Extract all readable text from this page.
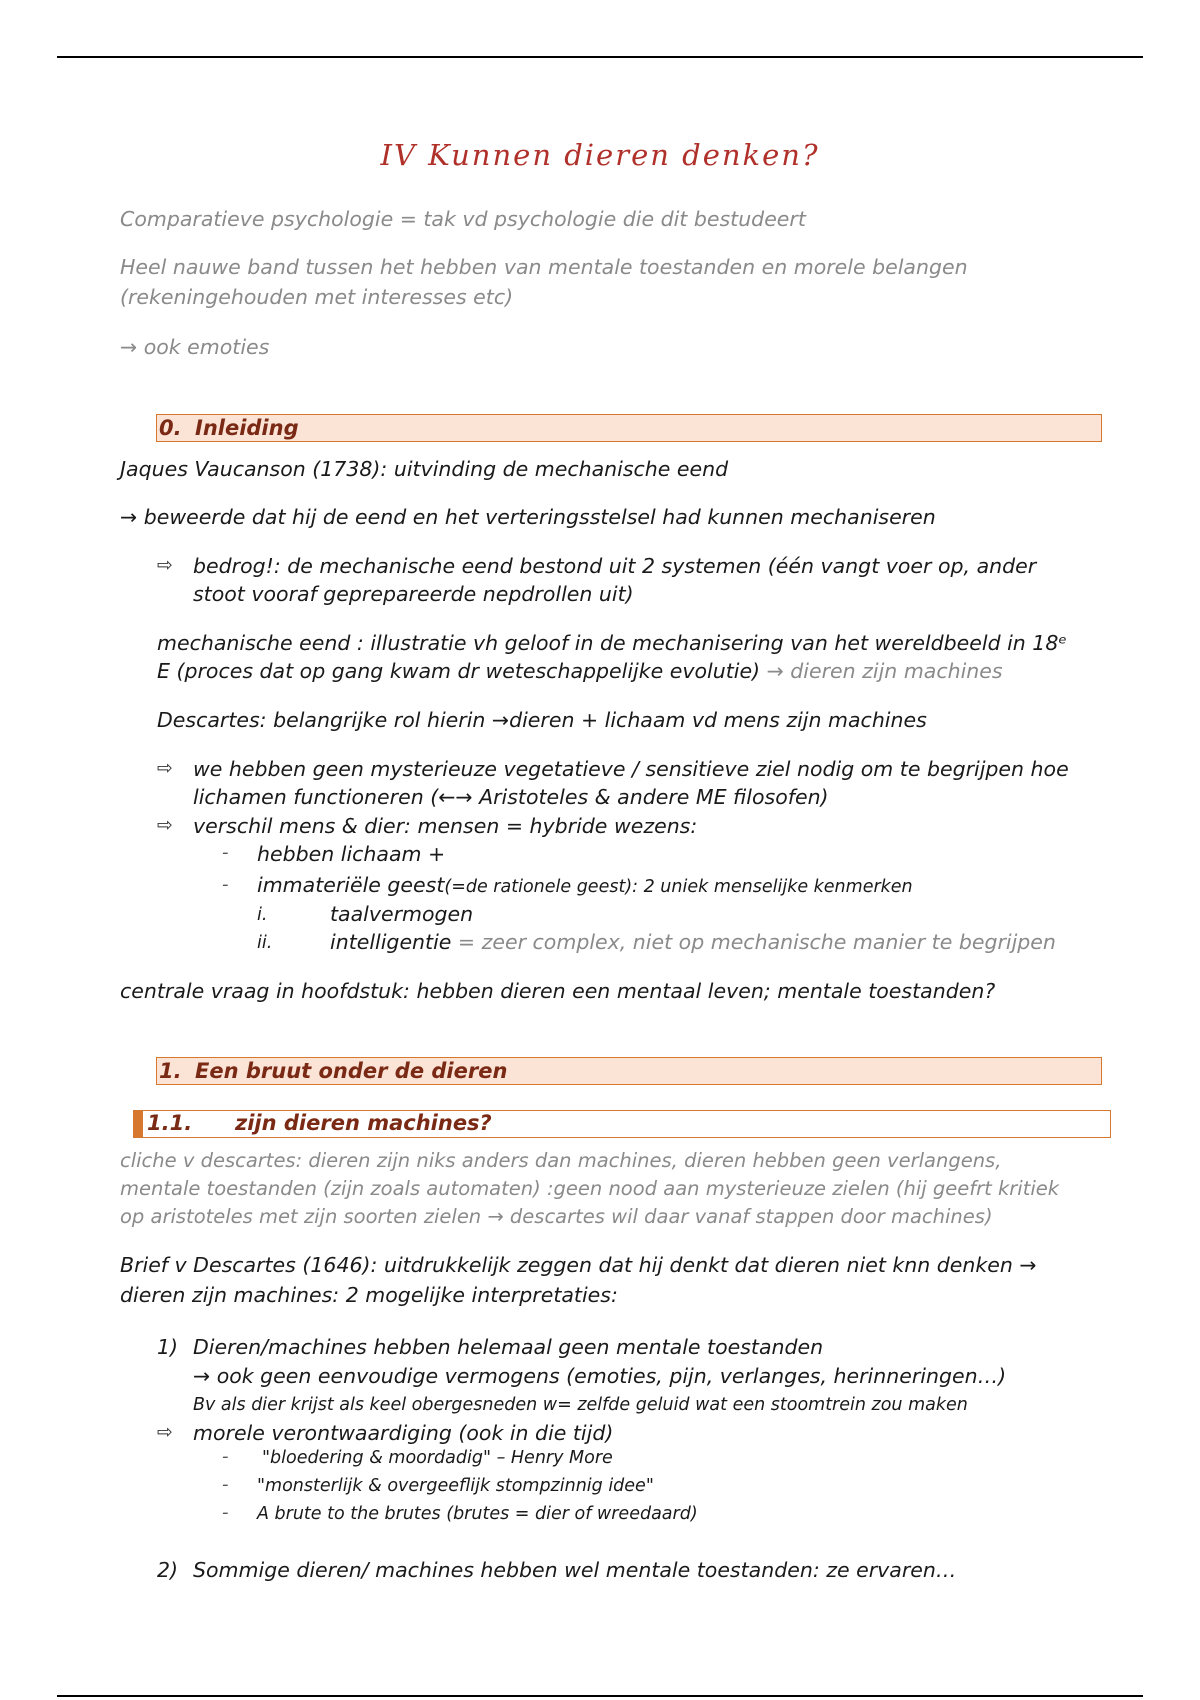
IV Kunnen dieren denken?
Comparatieve psychologie = tak vd psychologie die dit bestudeert
Heel nauwe band tussen het hebben van mentale toestanden en morele belangen
(rekeningehouden met interesses etc)
→ ook emoties
0. Inleiding
Jaques Vaucanson (1738): uitvinding de mechanische eend
→ beweerde dat hij de eend en het verteringsstelsel had kunnen mechaniseren
⇨ bedrog!: de mechanische eend bestond uit 2 systemen (één vangt voer op, ander
stoot vooraf gepreparеerde nepdrollen uit)
mechanische eend : illustratie vh geloof in de mechanisering van het wereldbeeld in 18ᵉ
E (proces dat op gang kwam dr weteschappelijke evolutie) → dieren zijn machines
Descartes: belangrijke rol hierin →dieren + lichaam vd mens zijn machines
⇨ we hebben geen mysterieuze vegetatieve / sensitieve ziel nodig om te begrijpen hoe
lichamen functioneren (←→ Aristoteles & andere ME filosofen)
⇨ verschil mens & dier: mensen = hybride wezens:
- hebben lichaam +
- immateriële geest(=de rationele geest): 2 uniek menselijke kenmerken
i.	taalvermogen
ii.	intelligentie = zeer complex, niet op mechanische manier te begrijpen
centrale vraag in hoofdstuk: hebben dieren een mentaal leven; mentale toestanden?
1. Een bruut onder de dieren
1.1. zijn dieren machines?
cliche v descartes: dieren zijn niks anders dan machines, dieren hebben geen verlangens,
mentale toestanden (zijn zoals automaten) :geen nood aan mysterieuze zielen (hij geefrt kritiek
op aristoteles met zijn soorten zielen → descartes wil daar vanaf stappen door machines)
Brief v Descartes (1646): uitdrukkelijk zeggen dat hij denkt dat dieren niet knn denken →
dieren zijn machines: 2 mogelijke interpretaties:
1) Dieren/machines hebben helemaal geen mentale toestanden
→ ook geen eenvoudige vermogens (emoties, pijn, verlanges, herinneringen…)
Bv als dier krijst als keel obergesneden w= zelfde geluid wat een stoomtrein zou maken
⇨ morele verontwaardiging (ook in die tijd)
- "bloedering & moordadig" – Henry More
- "monsterlijk & overgeeflijk stompzinnig idee"
- A brute to the brutes (brutes = dier of wreedaard)
2) Sommige dieren/ machines hebben wel mentale toestanden: ze ervaren…
